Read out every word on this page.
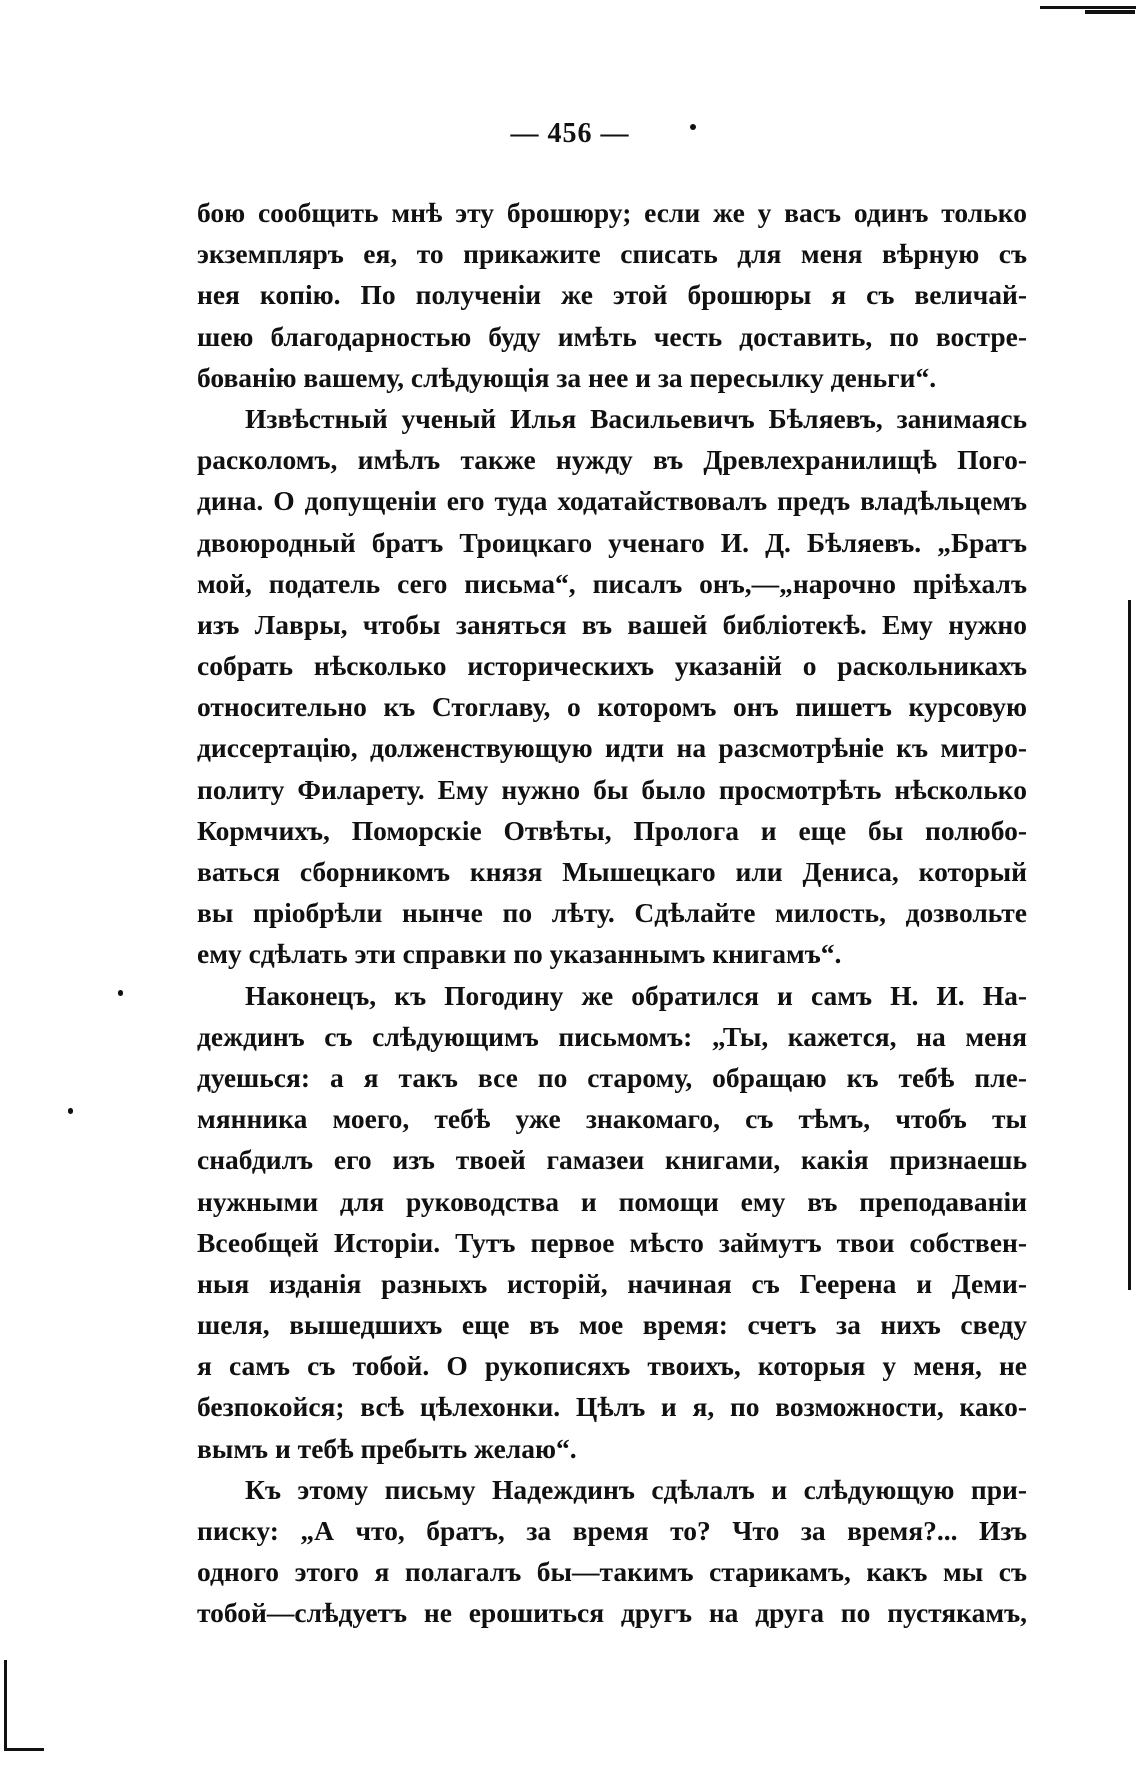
— 456 —
бою сообщить мнѣ эту брошюру; если же у васъ одинъ только
экземпляръ ея, то прикажите списать для меня вѣрную съ
нея копію. По полученіи же этой брошюры я съ величай-
шею благодарностью буду имѣть честь доставить, по востре-
бованію вашему, слѣдующія за нее и за пересылку деньги“.
Извѣстный ученый Илья Васильевичъ Бѣляевъ, занимаясь
расколомъ, имѣлъ также нужду въ Древлехранилищѣ Пого-
дина. О допущеніи его туда ходатайствовалъ предъ владѣльцемъ
двоюродный братъ Троицкаго ученаго И. Д. Бѣляевъ. „Братъ
мой, податель сего письма“, писалъ онъ,—„нарочно пріѣхалъ
изъ Лавры, чтобы заняться въ вашей библіотекѣ. Ему нужно
собрать нѣсколько историческихъ указаній о раскольникахъ
относительно къ Стоглаву, о которомъ онъ пишетъ курсовую
диссертацію, долженствующую идти на разсмотрѣніе къ митро-
политу Филарету. Ему нужно бы было просмотрѣть нѣсколько
Кормчихъ, Поморскіе Отвѣты, Пролога и еще бы полюбо-
ваться сборникомъ князя Мышецкаго или Дениса, который
вы пріобрѣли нынче по лѣту. Сдѣлайте милость, дозвольте
ему сдѣлать эти справки по указаннымъ книгамъ“.
Наконецъ, къ Погодину же обратился и самъ Н. И. На-
деждинъ съ слѣдующимъ письмомъ: „Ты, кажется, на меня
дуешься: а я такъ все по старому, обращаю къ тебѣ пле-
мянника моего, тебѣ уже знакомаго, съ тѣмъ, чтобъ ты
снабдилъ его изъ твоей гамазеи книгами, какія признаешь
нужными для руководства и помощи ему въ преподаваніи
Всеобщей Исторіи. Тутъ первое мѣсто займутъ твои собствен-
ныя изданія разныхъ исторій, начиная съ Геерена и Деми-
шеля, вышедшихъ еще въ мое время: счетъ за нихъ сведу
я самъ съ тобой. О рукописяхъ твоихъ, которыя у меня, не
безпокойся; всѣ цѣлехонки. Цѣлъ и я, по возможности, како-
вымъ и тебѣ пребыть желаю“.
Къ этому письму Надеждинъ сдѣлалъ и слѣдующую при-
писку: „А что, братъ, за время то? Что за время?... Изъ
одного этого я полагалъ бы—такимъ старикамъ, какъ мы съ
тобой—слѣдуетъ не ерошиться другъ на друга по пустякамъ,
